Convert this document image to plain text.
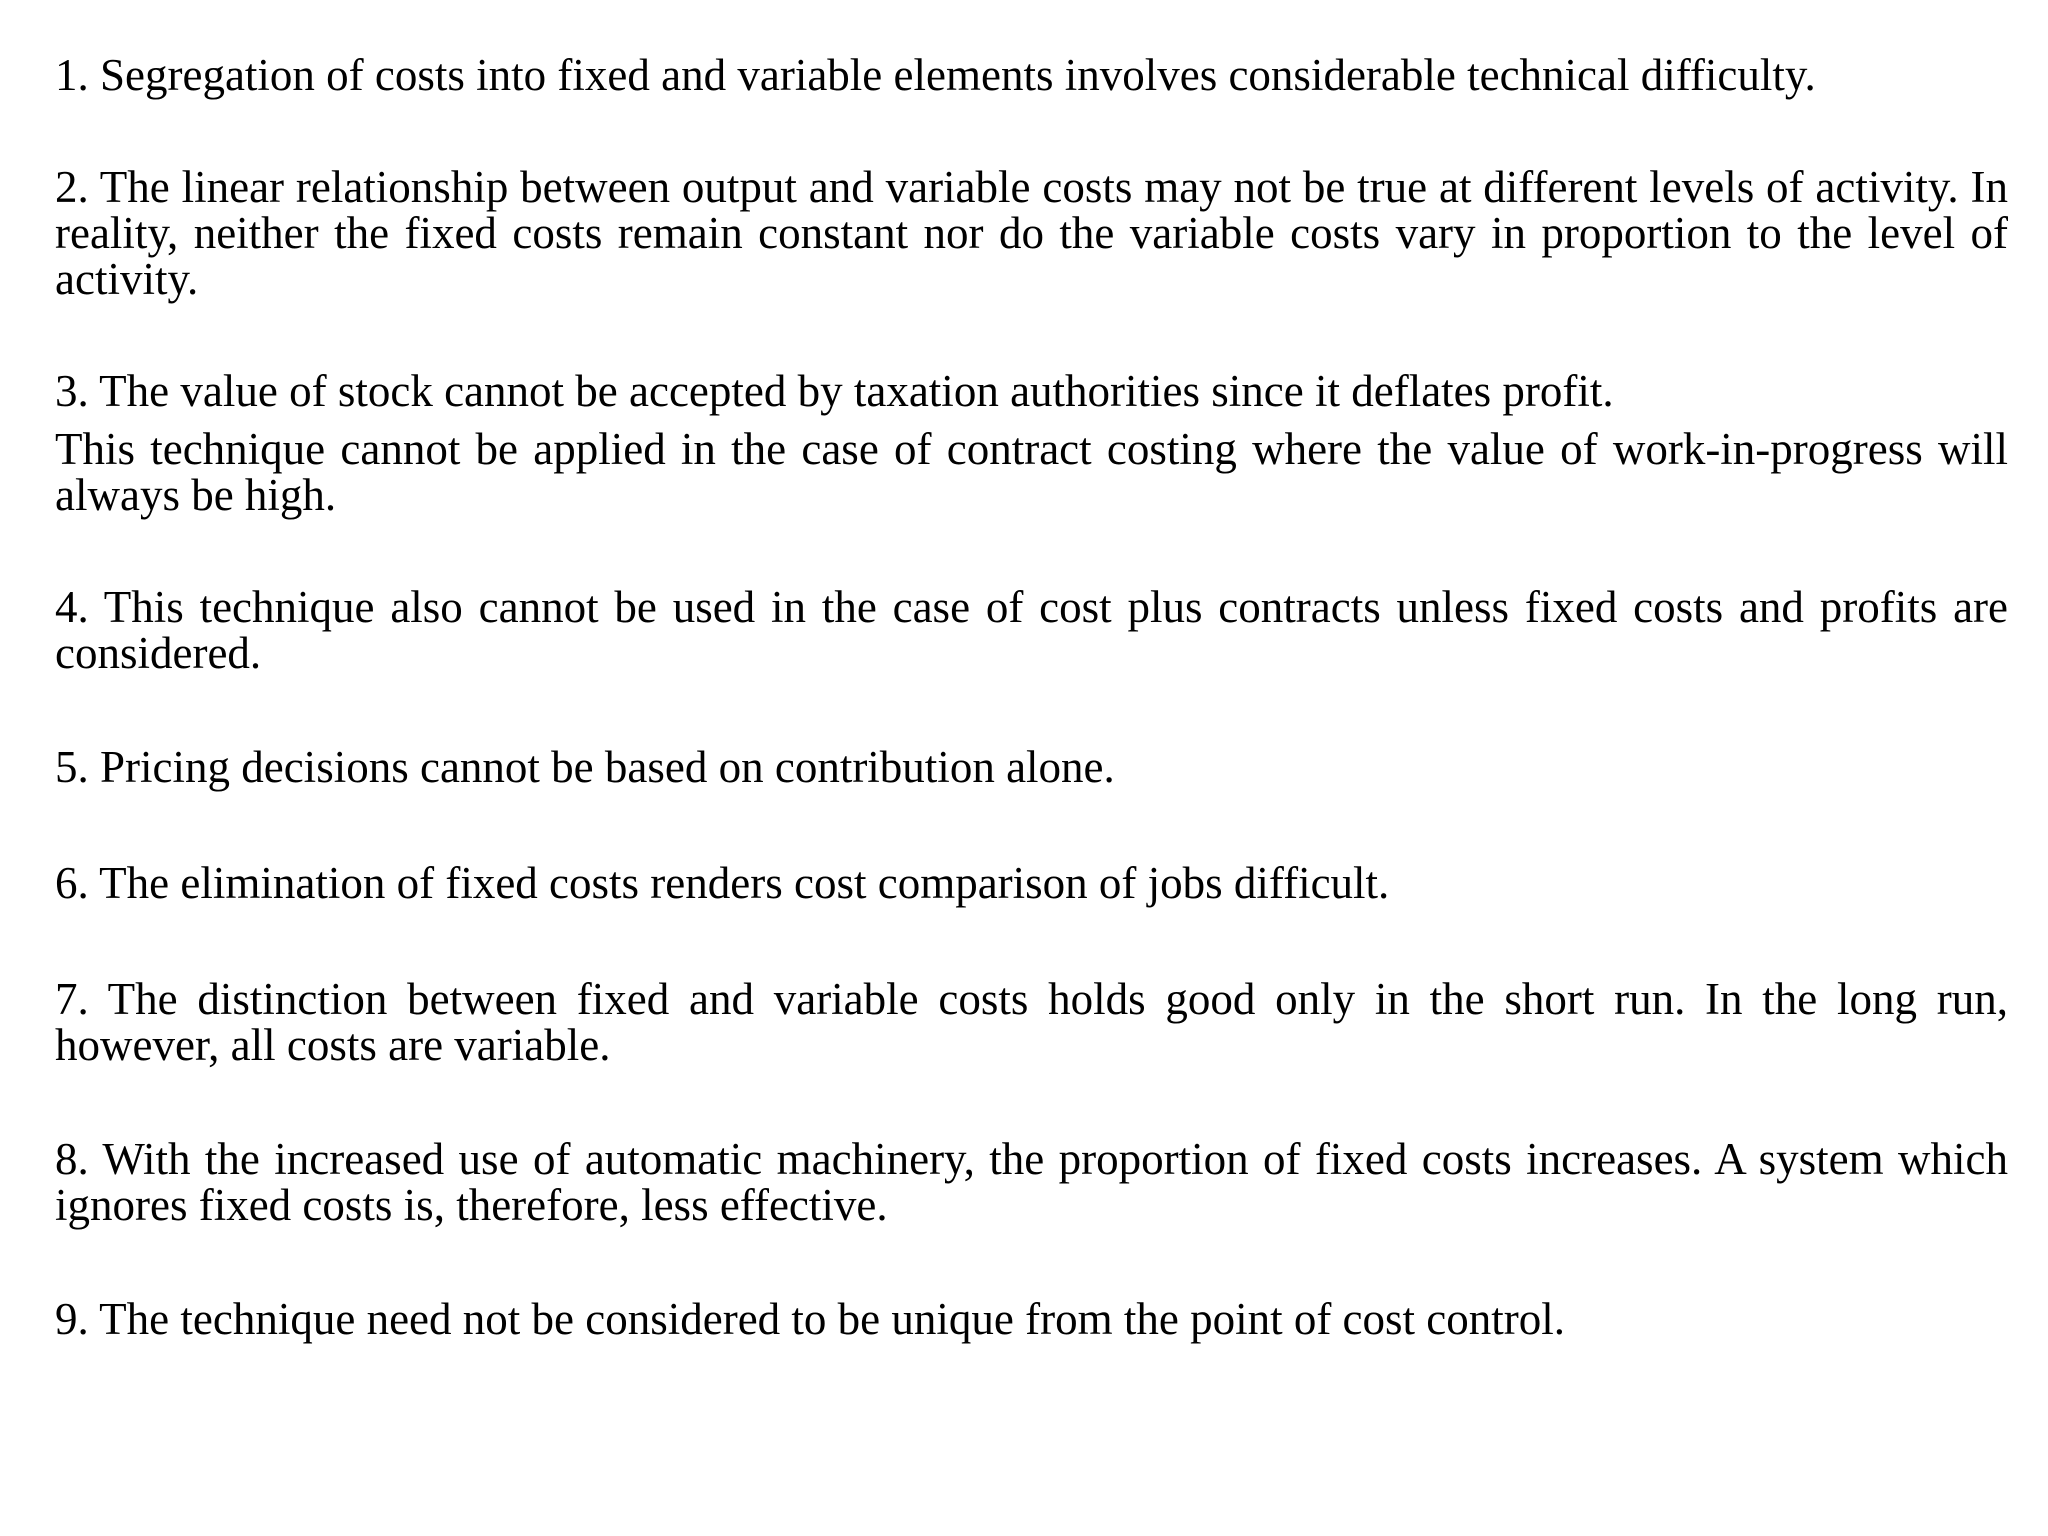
1. Segregation of costs into fixed and variable elements involves considerable technical difficulty.

2. The linear relationship between output and variable costs may not be true at different levels of activity. In reality, neither the fixed costs remain constant nor do the variable costs vary in proportion to the level of activity.

3. The value of stock cannot be accepted by taxation authorities since it deflates profit.

This technique cannot be applied in the case of contract costing where the value of work-in-progress will always be high.

4. This technique also cannot be used in the case of cost plus contracts unless fixed costs and profits are considered.

5. Pricing decisions cannot be based on contribution alone.

6. The elimination of fixed costs renders cost comparison of jobs difficult.

7. The distinction between fixed and variable costs holds good only in the short run. In the long run, however, all costs are variable.

8. With the increased use of automatic machinery, the proportion of fixed costs increases. A system which ignores fixed costs is, therefore, less effective.

9. The technique need not be considered to be unique from the point of cost control.
